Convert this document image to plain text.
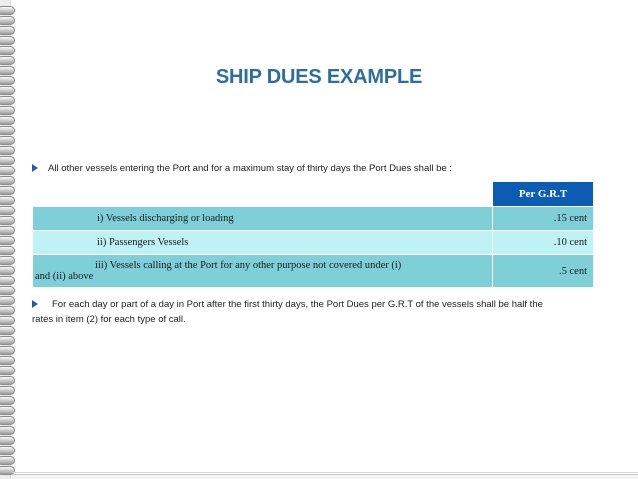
SHIP DUES EXAMPLE
All other vessels entering the Port and for a maximum stay of thirty days the Port Dues shall be :
	Per G.R.T
i) Vessels discharging or loading	.15 cent
ii) Passengers Vessels	.10 cent

iii) Vessels calling at the Port for any other purpose not covered under (i)
and (ii) above	.5 cent
For each day or part of a day in Port after the first thirty days, the Port Dues per G.R.T of the vessels shall be half the
rates in item (2) for each type of call.
